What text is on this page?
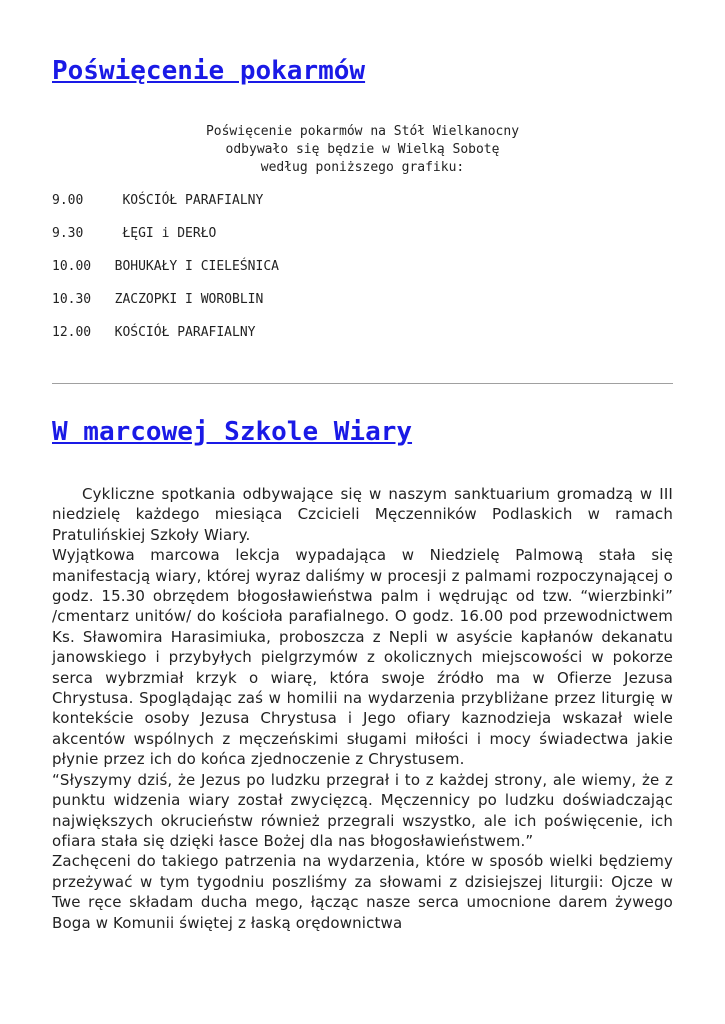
Poświęcenie pokarmów
Poświęcenie pokarmów na Stół Wielkanocny
odbywało się będzie w Wielką Sobotę
według poniższego grafiku:
9.00     KOŚCIÓŁ PARAFIALNY
9.30     ŁĘGI i DERŁO
10.00   BOHUKAŁY I CIELEŚNICA
10.30   ZACZOPKI I WOROBLIN
12.00   KOŚCIÓŁ PARAFIALNY
W marcowej Szkole Wiary

Cykliczne spotkania odbywające się w naszym sanktuarium gromadzą w III niedzielę każdego miesiąca Czcicieli Męczenników Podlaskich w ramach Pratulińskiej Szkoły Wiary.

Wyjątkowa marcowa lekcja wypadająca w Niedzielę Palmową stała się manifestacją wiary, której wyraz daliśmy w procesji z palmami rozpoczynającej o godz. 15.30 obrzędem błogosławieństwa palm i wędrując od tzw. “wierzbinki” /cmentarz unitów/ do kościoła parafialnego. O godz. 16.00 pod przewodnictwem Ks. Sławomira Harasimiuka, proboszcza z Nepli w asyście kapłanów dekanatu janowskiego i przybyłych pielgrzymów z okolicznych miejscowości w pokorze serca wybrzmiał krzyk o wiarę, która swoje źródło ma w Ofierze Jezusa Chrystusa. Spoglądając zaś w homilii na wydarzenia przybliżane przez liturgię w kontekście osoby Jezusa Chrystusa i Jego ofiary kaznodzieja wskazał wiele akcentów wspólnych z męczeńskimi sługami miłości i mocy świadectwa jakie płynie przez ich do końca zjednoczenie z Chrystusem.

“Słyszymy dziś, że Jezus po ludzku przegrał i to z każdej strony, ale wiemy, że z punktu widzenia wiary został zwycięzcą. Męczennicy po ludzku doświadczając największych okrucieństw również przegrali wszystko, ale ich poświęcenie, ich ofiara stała się dzięki łasce Bożej dla nas błogosławieństwem.”

Zachęceni do takiego patrzenia na wydarzenia, które w sposób wielki będziemy przeżywać w tym tygodniu poszliśmy za słowami z dzisiejszej liturgii: Ojcze w Twe ręce składam ducha mego, łącząc nasze serca umocnione darem żywego Boga w Komunii świętej z łaską orędownictwa
